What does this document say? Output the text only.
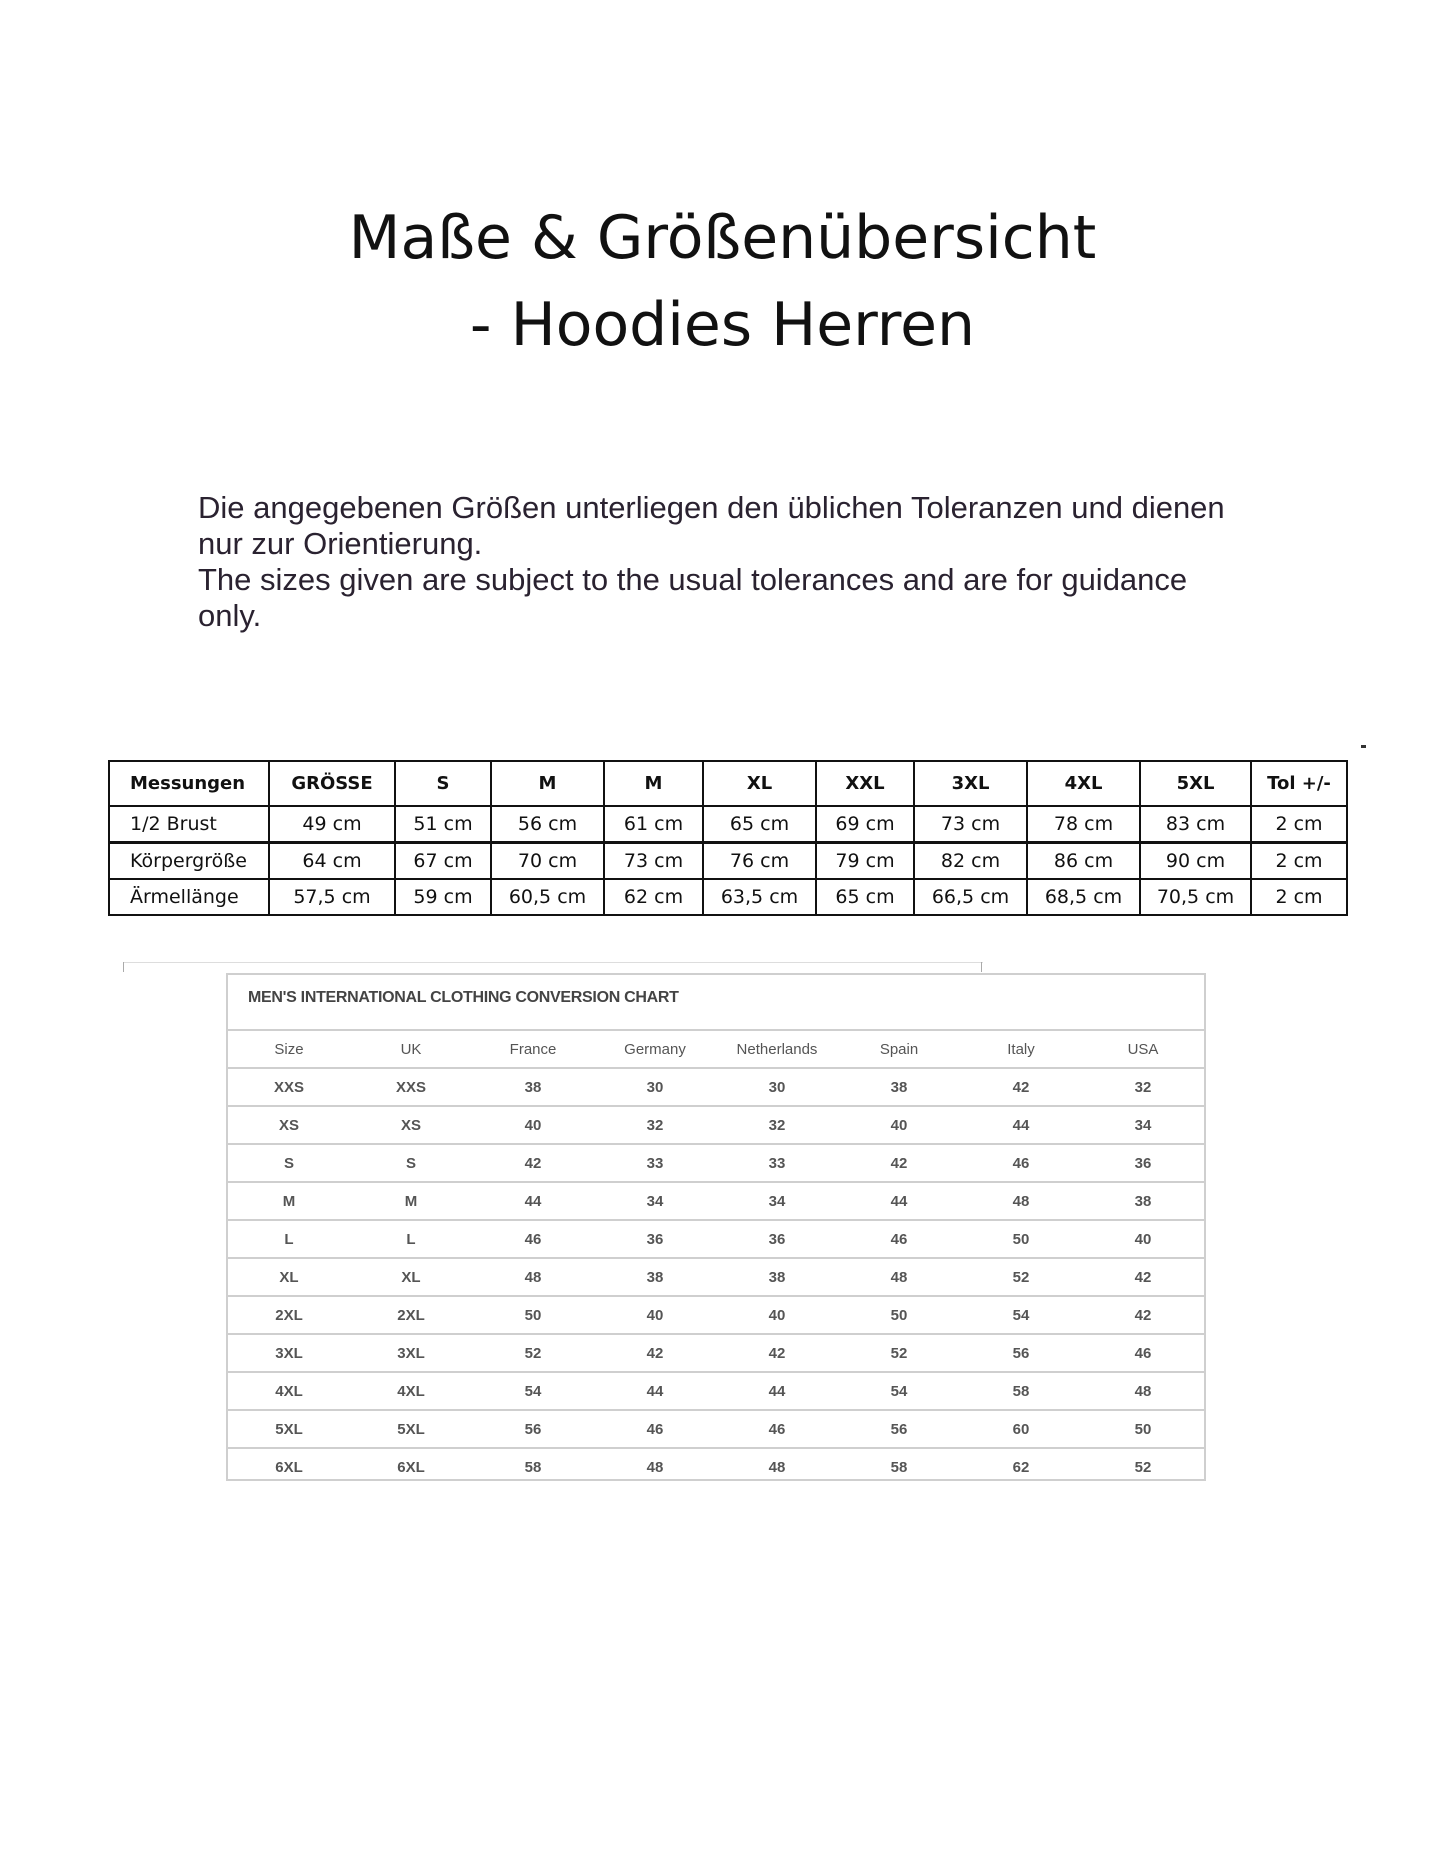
Maße & Größenübersicht
- Hoodies Herren

Die angegebenen Größen unterliegen den üblichen Toleranzen und dienen nur zur Orientierung.

The sizes given are subject to the usual tolerances and are for guidance only.

Messungen	GRÖSSE	S	M	M	XL	XXL	3XL	4XL	5XL	Tol +/-
1/2 Brust	49 cm	51 cm	56 cm	61 cm	65 cm	69 cm	73 cm	78 cm	83 cm	2 cm
Körpergröße	64 cm	67 cm	70 cm	73 cm	76 cm	79 cm	82 cm	86 cm	90 cm	2 cm
Ärmellänge	57,5 cm	59 cm	60,5 cm	62 cm	63,5 cm	65 cm	66,5 cm	68,5 cm	70,5 cm	2 cm
MEN'S INTERNATIONAL CLOTHING CONVERSION CHART
Size	UK	France	Germany	Netherlands	Spain	Italy	USA
XXS	XXS	38	30	30	38	42	32
XS	XS	40	32	32	40	44	34
S	S	42	33	33	42	46	36
M	M	44	34	34	44	48	38
L	L	46	36	36	46	50	40
XL	XL	48	38	38	48	52	42
2XL	2XL	50	40	40	50	54	42
3XL	3XL	52	42	42	52	56	46
4XL	4XL	54	44	44	54	58	48
5XL	5XL	56	46	46	56	60	50
6XL	6XL	58	48	48	58	62	52
